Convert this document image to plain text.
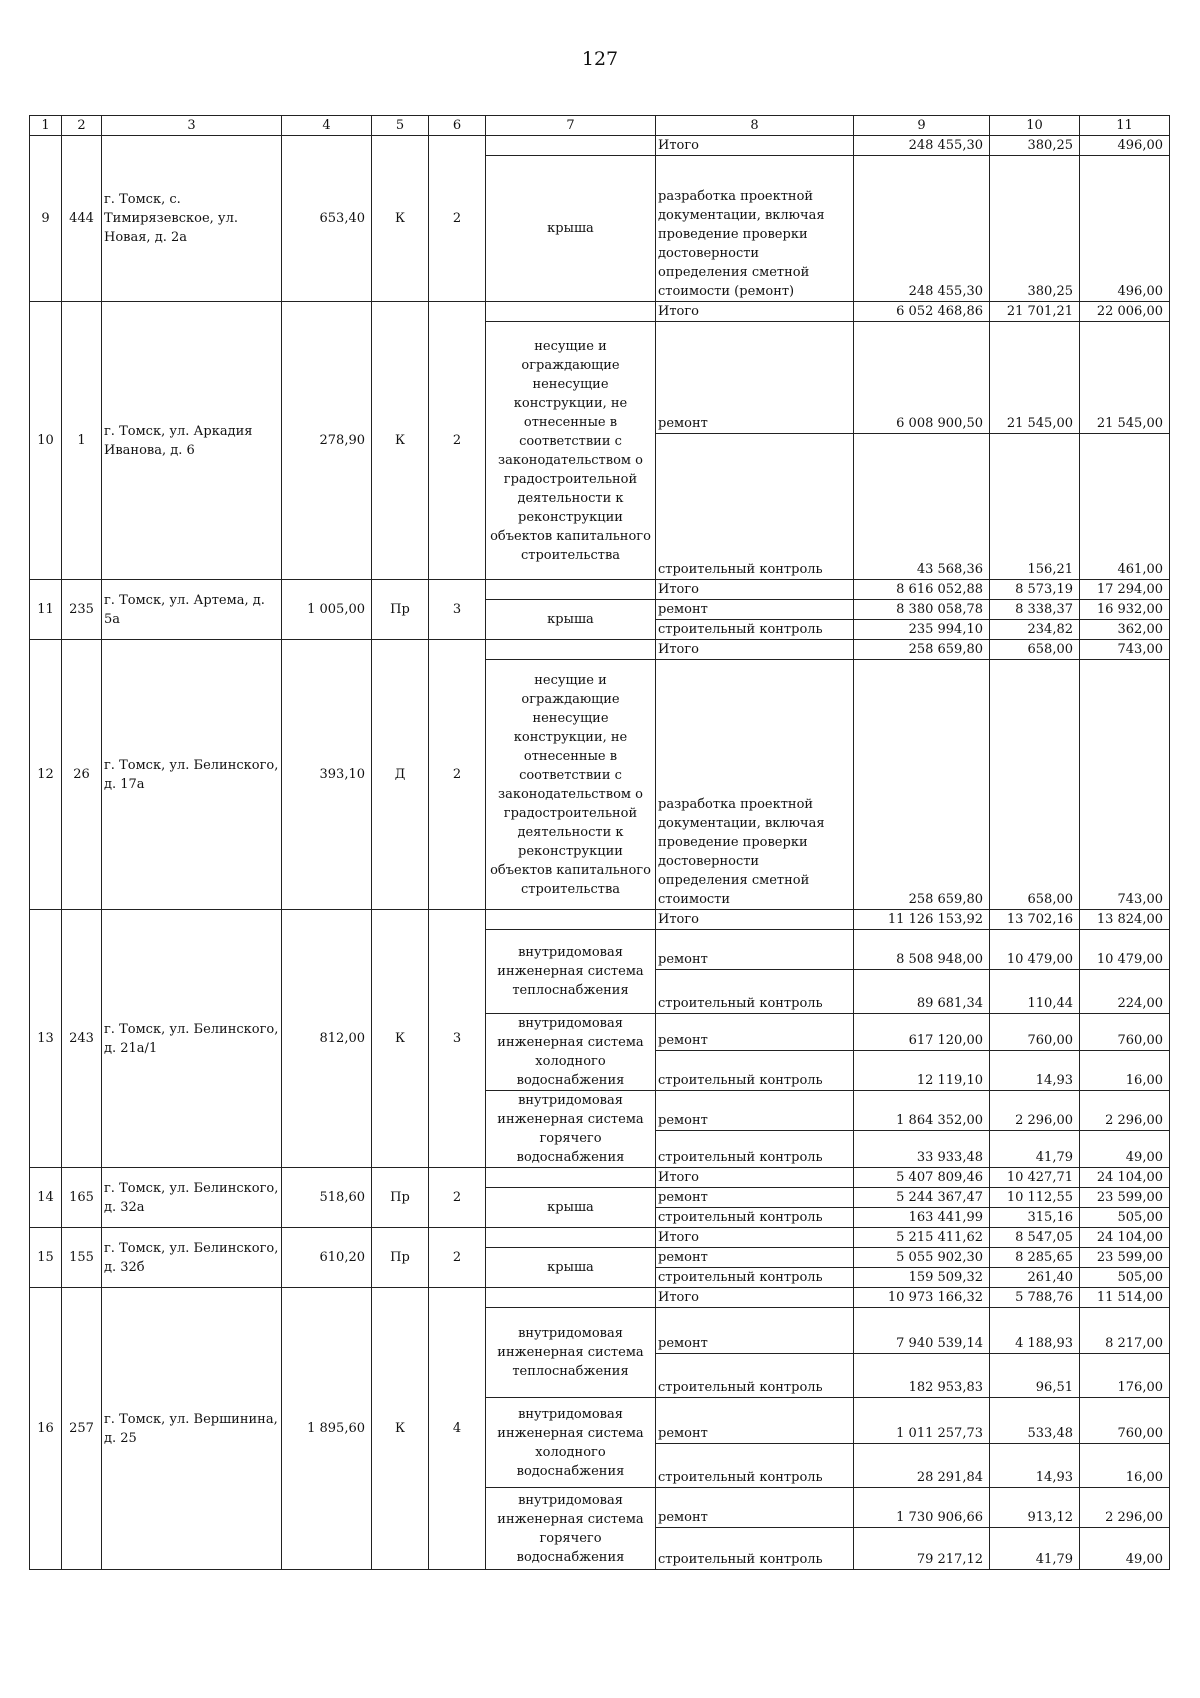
127
1	2	3	4	5	6	7	8	9	10	11
9	444	г. Томск, с. Тимирязевское, ул. Новая, д. 2а	653,40	К	2		Итого	248 455,30	380,25	496,00
						крыша	разработка проектной документации, включая проведение проверки достоверности определения сметной стоимости (ремонт)	248 455,30	380,25	496,00
10	1	г. Томск, ул. Аркадия Иванова, д. 6	278,90	К	2		Итого	6 052 468,86	21 701,21	22 006,00
						несущие и ограждающие ненесущие конструкции, не отнесенные в соответствии с законодательством о градостроительной деятельности к реконструкции объектов капитального строительства	ремонт	6 008 900,50	21 545,00	21 545,00
							строительный контроль	43 568,36	156,21	461,00
11	235	г. Томск, ул. Артема, д. 5а	1 005,00	Пр	3		Итого	8 616 052,88	8 573,19	17 294,00
						крыша	ремонт	8 380 058,78	8 338,37	16 932,00
							строительный контроль	235 994,10	234,82	362,00
12	26	г. Томск, ул. Белинского, д. 17а	393,10	Д	2		Итого	258 659,80	658,00	743,00
						несущие и ограждающие ненесущие конструкции, не отнесенные в соответствии с законодательством о градостроительной деятельности к реконструкции объектов капитального строительства	разработка проектной документации, включая проведение проверки достоверности определения сметной стоимости	258 659,80	658,00	743,00
13	243	г. Томск, ул. Белинского, д. 21а/1	812,00	К	3		Итого	11 126 153,92	13 702,16	13 824,00
						внутридомовая инженерная система теплоснабжения	ремонт	8 508 948,00	10 479,00	10 479,00
							строительный контроль	89 681,34	110,44	224,00
						внутридомовая инженерная система холодного водоснабжения	ремонт	617 120,00	760,00	760,00
							строительный контроль	12 119,10	14,93	16,00
						внутридомовая инженерная система горячего водоснабжения	ремонт	1 864 352,00	2 296,00	2 296,00
							строительный контроль	33 933,48	41,79	49,00
14	165	г. Томск, ул. Белинского, д. 32а	518,60	Пр	2		Итого	5 407 809,46	10 427,71	24 104,00
						крыша	ремонт	5 244 367,47	10 112,55	23 599,00
							строительный контроль	163 441,99	315,16	505,00
15	155	г. Томск, ул. Белинского, д. 32б	610,20	Пр	2		Итого	5 215 411,62	8 547,05	24 104,00
						крыша	ремонт	5 055 902,30	8 285,65	23 599,00
							строительный контроль	159 509,32	261,40	505,00
16	257	г. Томск, ул. Вершинина, д. 25	1 895,60	К	4		Итого	10 973 166,32	5 788,76	11 514,00
						внутридомовая инженерная система теплоснабжения	ремонт	7 940 539,14	4 188,93	8 217,00
							строительный контроль	182 953,83	96,51	176,00
						внутридомовая инженерная система холодного водоснабжения	ремонт	1 011 257,73	533,48	760,00
							строительный контроль	28 291,84	14,93	16,00
						внутридомовая инженерная система горячего водоснабжения	ремонт	1 730 906,66	913,12	2 296,00
							строительный контроль	79 217,12	41,79	49,00
